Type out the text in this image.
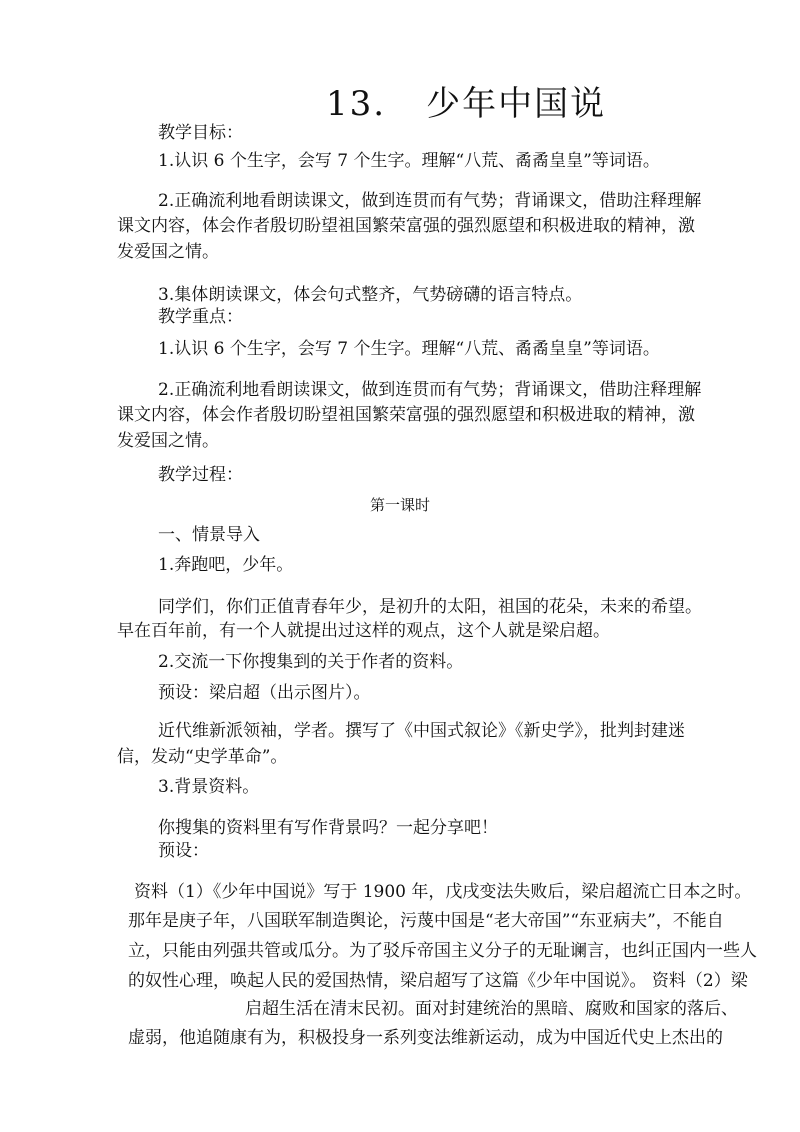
13. 少年中国说
教学目标：
1.认识 6 个生字，会写 7 个生字。理解“八荒、矞矞皇皇”等词语。
2.正确流利地看朗读课文，做到连贯而有气势；背诵课文，借助注释理解
课文内容，体会作者殷切盼望祖国繁荣富强的强烈愿望和积极进取的精神，激
发爱国之情。
3.集体朗读课文，体会句式整齐，气势磅礴的语言特点。
教学重点：
1.认识 6 个生字，会写 7 个生字。理解“八荒、矞矞皇皇”等词语。
2.正确流利地看朗读课文，做到连贯而有气势；背诵课文，借助注释理解
课文内容，体会作者殷切盼望祖国繁荣富强的强烈愿望和积极进取的精神，激
发爱国之情。
教学过程：
第一课时
一、情景导入
1.奔跑吧，少年。
同学们，你们正值青春年少，是初升的太阳，祖国的花朵，未来的希望。
早在百年前，有一个人就提出过这样的观点，这个人就是梁启超。
2.交流一下你搜集到的关于作者的资料。
预设：梁启超（出示图片）。
近代维新派领袖，学者。撰写了《中国式叙论》《新史学》，批判封建迷
信，发动“史学革命”。
3.背景资料。
你搜集的资料里有写作背景吗？一起分享吧！
预设：
资料（1）《少年中国说》写于 1900 年，戊戌变法失败后，梁启超流亡日本之时。
那年是庚子年，八国联军制造舆论，污蔑中国是“老大帝国”“东亚病夫”，不能自
立，只能由列强共管或瓜分。为了驳斥帝国主义分子的无耻谰言，也纠正国内一些人
的奴性心理，唤起人民的爱国热情，梁启超写了这篇《少年中国说》。 资料（2）梁
启超生活在清末民初。面对封建统治的黑暗、腐败和国家的落后、
虚弱，他追随康有为，积极投身一系列变法维新运动，成为中国近代史上杰出的
